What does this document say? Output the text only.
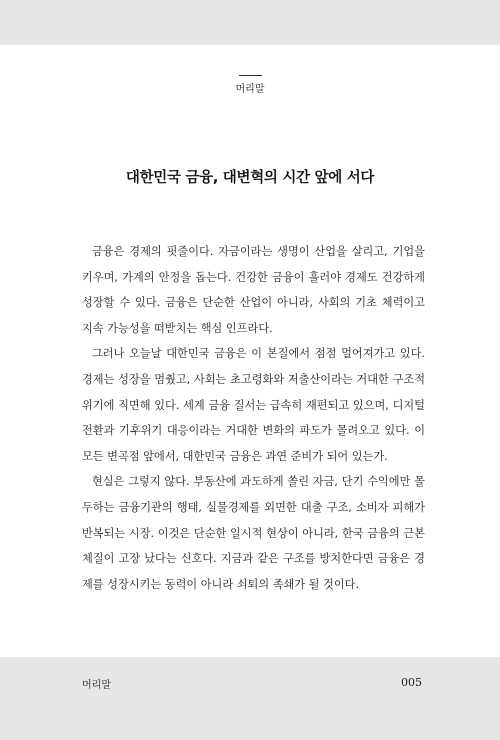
머리말
대한민국 금융, 대변혁의 시간 앞에 서다

금융은 경제의 핏줄이다. 자금이라는 생명이 산업을 살리고, 기업을 키우며, 가계의 안정을 돕는다. 건강한 금융이 흘러야 경제도 건강하게 성장할 수 있다. 금융은 단순한 산업이 아니라, 사회의 기초 체력이고 지속 가능성을 떠받치는 핵심 인프라다.

그러나 오늘날 대한민국 금융은 이 본질에서 점점 멀어져가고 있다. 경제는 성장을 멈췄고, 사회는 초고령화와 저출산이라는 거대한 구조적 위기에 직면해 있다. 세계 금융 질서는 급속히 재편되고 있으며, 디지털 전환과 기후위기 대응이라는 거대한 변화의 파도가 몰려오고 있다. 이 모든 변곡점 앞에서, 대한민국 금융은 과연 준비가 되어 있는가.

현실은 그렇지 않다. 부동산에 과도하게 쏠린 자금, 단기 수익에만 몰두하는 금융기관의 행태, 실물경제를 외면한 대출 구조, 소비자 피해가 반복되는 시장. 이것은 단순한 일시적 현상이 아니라, 한국 금융의 근본 체질이 고장 났다는 신호다. 지금과 같은 구조를 방치한다면 금융은 경제를 성장시키는 동력이 아니라 쇠퇴의 족쇄가 될 것이다.

머리말	005
